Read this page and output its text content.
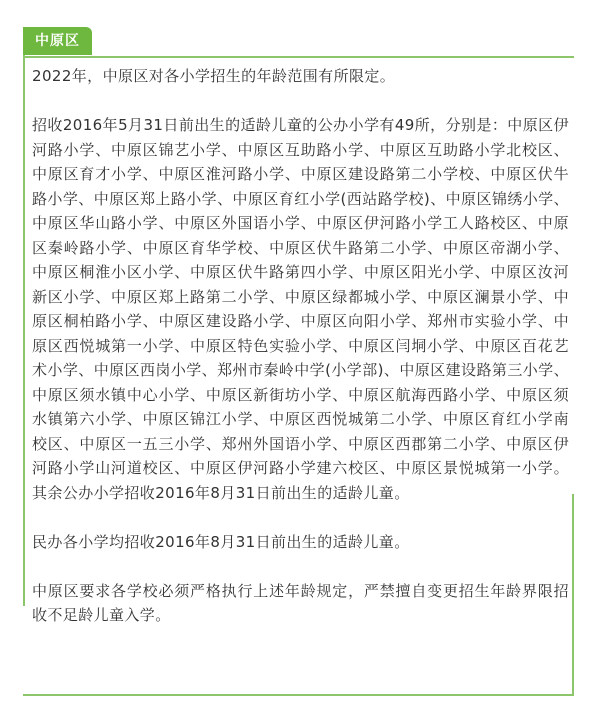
中原区

2022年，中原区对各小学招生的年龄范围有所限定。

招收2016年5月31日前出生的适龄儿童的公办小学有49所，分别是：中原区伊河路小学、中原区锦艺小学、中原区互助路小学、中原区互助路小学北校区、中原区育才小学、中原区淮河路小学、中原区建设路第二小学校、中原区伏牛路小学、中原区郑上路小学、中原区育红小学(西站路学校)、中原区锦绣小学、中原区华山路小学、中原区外国语小学、中原区伊河路小学工人路校区、中原区秦岭路小学、中原区育华学校、中原区伏牛路第二小学、中原区帝湖小学、中原区桐淮小区小学、中原区伏牛路第四小学、中原区阳光小学、中原区汝河新区小学、中原区郑上路第二小学、中原区绿都城小学、中原区澜景小学、中原区桐柏路小学、中原区建设路小学、中原区向阳小学、郑州市实验小学、中原区西悦城第一小学、中原区特色实验小学、中原区闫垌小学、中原区百花艺术小学、中原区西岗小学、郑州市秦岭中学(小学部)、中原区建设路第三小学、中原区须水镇中心小学、中原区新街坊小学、中原区航海西路小学、中原区须水镇第六小学、中原区锦江小学、中原区西悦城第二小学、中原区育红小学南校区、中原区一五三小学、郑州外国语小学、中原区西郡第二小学、中原区伊河路小学山河道校区、中原区伊河路小学建六校区、中原区景悦城第一小学。其余公办小学招收2016年8月31日前出生的适龄儿童。

民办各小学均招收2016年8月31日前出生的适龄儿童。

中原区要求各学校必须严格执行上述年龄规定，严禁擅自变更招生年龄界限招收不足龄儿童入学。
